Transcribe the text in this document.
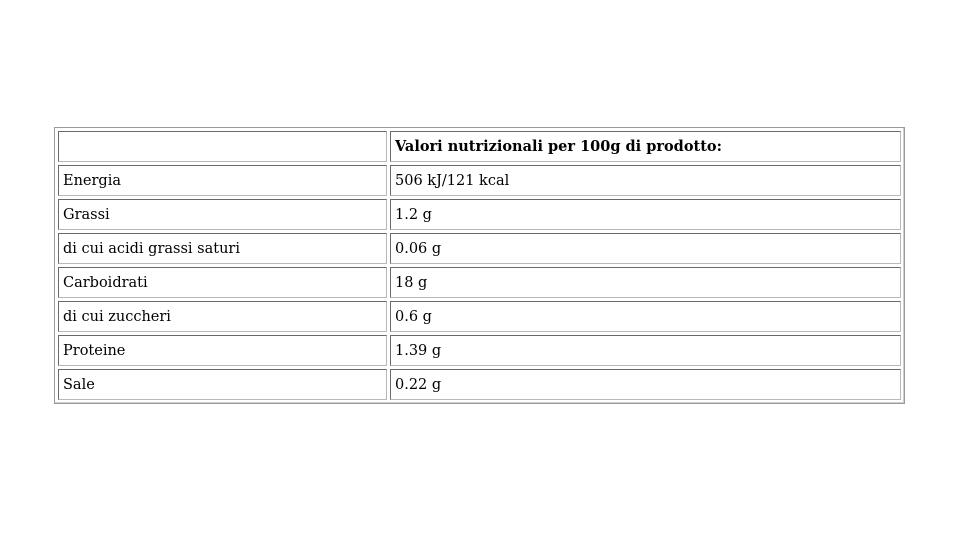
	Valori nutrizionali per 100g di prodotto:
Energia	506 kJ/121 kcal
Grassi	1.2 g
di cui acidi grassi saturi	0.06 g
Carboidrati	18 g
di cui zuccheri	0.6 g
Proteine	1.39 g
Sale	0.22 g
